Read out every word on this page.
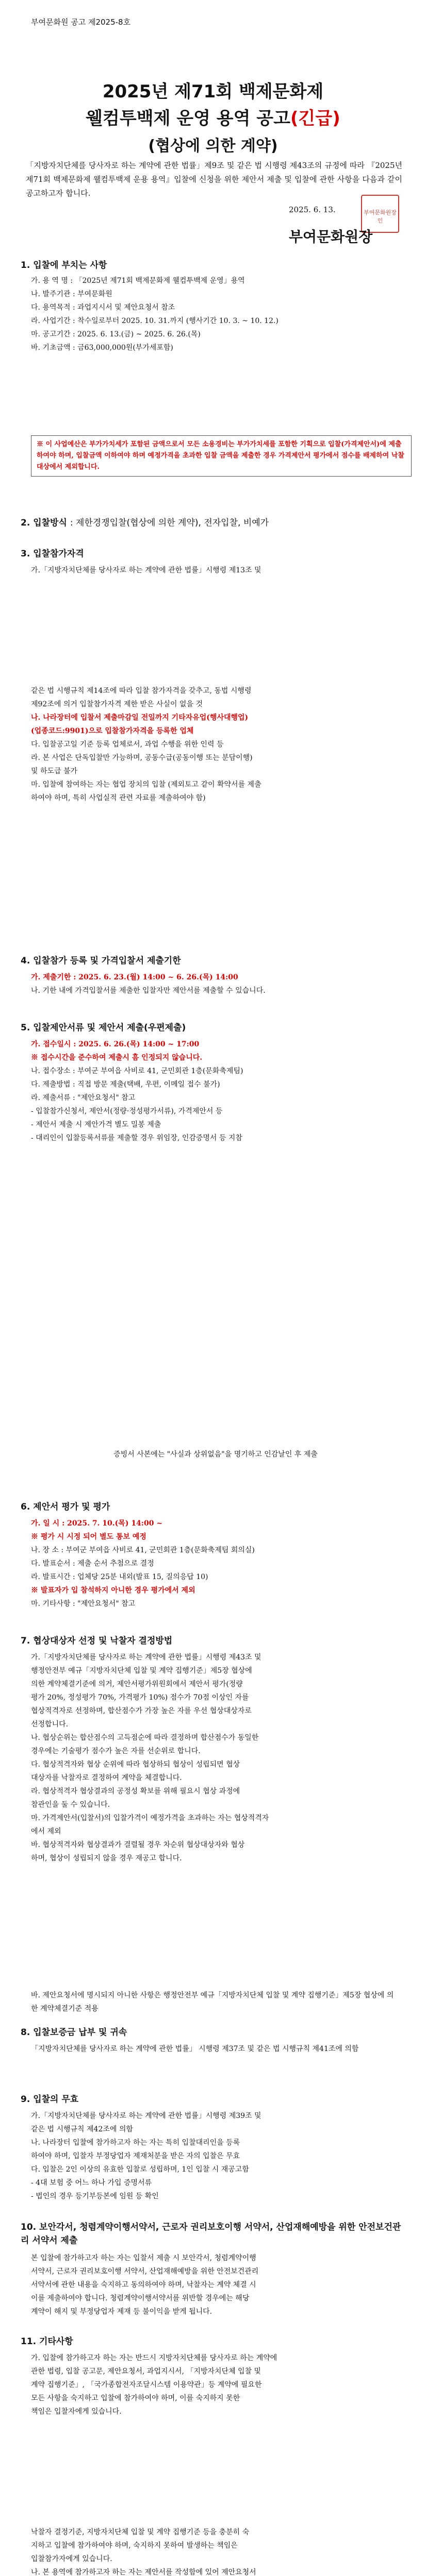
부여문화원 공고 제2025-8호
2025년 제71회 백제문화제
웰컴투백제 운영 용역 공고(긴급)
(협상에 의한 계약)
「지방자치단체를 당사자로 하는 계약에 관한 법률」제9조 및 같은 법 시행령 제43조의 규정에 따라 『2025년 제71회 백제문화제 웰컴투백제 운용 용역』입찰에 신청을 위한 제안서 제출 및 입찰에 관한 사항을 다음과 같이 공고하고자 합니다.
2025. 6. 13.	부여문화원장인
부여문화원장
1. 입찰에 부치는 사항
가. 용 역 명 : 「2025년 제71회 백제문화제 웰컴투백제 운영」용역
나. 발주기관 : 부여문화원
다. 용역목적 : 과업지시서 및 제안요청서 참조
라. 사업기간 : 착수일로부터 2025. 10. 31.까지 (행사기간 10. 3. ~ 10. 12.)
마. 공고기간 : 2025. 6. 13.(금) ~ 2025. 6. 26.(목)
바. 기초금액 : 금63,000,000원(부가세포함)
※ 이 사업예산은 부가가치세가 포함된 금액으로서 모든 소용경비는 부가가치세를 포함한 기획으로 입찰(가격제안서)에 제출하여야 하며, 입찰금액 이하여야 하며 예정가격을 초과한 입찰 금액을 제출한 경우 가격제안서 평가에서 점수를 배제하여 낙찰 대상에서 제외합니다.
2. 입찰방식 : 제한경쟁입찰(협상에 의한 계약), 전자입찰, 비예가
3. 입찰참가자격
가.「지방자치단체를 당사자로 하는 계약에 관한 법률」시행령 제13조 및
같은 법 시행규칙 제14조에 따라 입찰 참가자격을 갖추고, 동법 시행령
제92조에 의거 입찰참가자격 제한 받은 사실이 없을 것
나. 나라장터에 입찰서 제출마감일 전일까지 기타자유업(행사대행업)
(업종코드:9901)으로 입찰참가자격을 등록한 업체
다. 입찰공고일 기준 등록 업체로서, 과업 수행을 위한 인력 등
라. 본 사업은 단독입찰만 가능하며, 공동수급(공동이행 또는 분담이행)
및 하도급 불가
마. 입찰에 참여하는 자는 협업 장치의 입찰 (제외토고 같이 확약서를 제출
하여야 하며, 특히 사업실적 관련 자료를 제출하여야 함)
4. 입찰참가 등록 및 가격입찰서 제출기한
가. 제출기한 : 2025. 6. 23.(월) 14:00 ~ 6. 26.(목) 14:00
나. 기한 내에 가격입찰서를 제출한 입찰자만 제안서를 제출할 수 있습니다.
5. 입찰제안서류 및 제안서 제출(우편제출)
가. 접수일시 : 2025. 6. 26.(목) 14:00 ~ 17:00
※ 접수시간을 준수하여 제출시 흠 인정되지 않습니다.
나. 접수장소 : 부여군 부여읍 사비로 41, 군민회관 1층(문화축제팀)
다. 제출방법 : 직접 방문 제출(택배, 우편, 이메일 접수 불가)
라. 제출서류 : "제안요청서" 참고
- 입찰참가신청서, 제안서(정량·정성평가서류), 가격제안서 등
- 제안서 제출 시 제안가격 별도 밀봉 제출
- 대리인이 입찰등록서류를 제출할 경우 위임장, 인감증명서 등 지참
증빙서 사본에는 "사실과 상위없음"을 명기하고 인감날인 후 제출
6. 제안서 평가 및 평가
가. 일 시 : 2025. 7. 10.(목) 14:00 ~
※ 평가 시 시정 되어 별도 통보 예정
나. 장 소 : 부여군 부여읍 사비로 41, 군민회관 1층(문화축제팀 회의실)
다. 발표순서 : 제출 순서 추첨으로 결정
라. 발표시간 : 업체당 25분 내외(발표 15, 질의응답 10)
※ 발표자가 입 참석하지 아니한 경우 평가에서 제외
마. 기타사항 : "제안요청서" 참고
7. 협상대상자 선정 및 낙찰자 결정방법
가.「지방자치단체를 당사자로 하는 계약에 관한 법률」시행령 제43조 및
행정안전부 예규「지방자치단체 입찰 및 계약 집행기준」제5장 협상에
의한 계약체결기준에 의거, 제안서평가위원회에서 제안서 평가(정량
평가 20%, 정성평가 70%, 가격평가 10%) 점수가 70점 이상인 자를
협상적격자로 선정하며, 합산점수가 가장 높은 자를 우선 협상대상자로
선정합니다.
나. 협상순위는 합산점수의 고득점순에 따라 결정하며 합산점수가 동일한
경우에는 기술평가 점수가 높은 자를 선순위로 합니다.
다. 협상적격자와 협상 순위에 따라 협상하되 협상이 성립되면 협상
대상자를 낙찰자로 결정하여 계약을 체결합니다.
라. 협상적격자 협상결과의 공정성 확보를 위해 필요시 협상 과정에
참관인을 둘 수 있습니다.
마. 가격제안서(입찰서)의 입찰가격이 예정가격을 초과하는 자는 협상적격자
에서 제외
바. 협상적격자와 협상결과가 결렬될 경우 차순위 협상대상자와 협상
하며, 협상이 성립되지 않을 경우 재공고 합니다.
바. 제안요청서에 명시되지 아니한 사항은 행정안전부 예규「지방자치단체 입찰 및 계약 집행기준」제5장 협상에 의한 계약체결기준 적용
8. 입찰보증금 납부 및 귀속
「지방자치단체를 당사자로 하는 계약에 관한 법률」 시행령 제37조 및 같은 법 시행규칙 제41조에 의함
9. 입찰의 무효
가.「지방자치단체를 당사자로 하는 계약에 관한 법률」시행령 제39조 및
같은 법 시행규칙 제42조에 의함
나. 나라장터 입찰에 참가하고자 하는 자는 특히 입찰대리인을 등록
하여야 하며, 입찰자 부정당업자 제재처분을 받은 자의 입찰은 무효
다. 입찰은 2인 이상의 유효한 입찰로 성립하며, 1인 입찰 시 재공고함
- 4대 보험 중 어느 하나 가입 증명서류
- 법인의 경우 등기부등본에 임원 등 확인
10. 보안각서, 청렴계약이행서약서, 근로자 권리보호이행 서약서, 산업재해예방을 위한 안전보건관리 서약서 제출
본 입찰에 참가하고자 하는 자는 입찰서 제출 시 보안각서, 청렴계약이행
서약서, 근로자 권리보호이행 서약서, 산업재해예방을 위한 안전보건관리
서약서에 관한 내용을 숙지하고 동의하여야 하며, 낙찰자는 계약 체결 시
이를 제출하여야 합니다. 청렴계약이행서약서를 위반할 경우에는 해당
계약이 해지 및 부정당업자 제재 등 불이익을 받게 됩니다.
11. 기타사항
가. 입찰에 참가하고자 하는 자는 반드시 지방자치단체를 당사자로 하는 계약에
관한 법령, 입찰 공고문, 제안요청서, 과업지시서, 「지방자치단체 입찰 및
계약 집행기준」, 「국가종합전자조달시스템 이용약관」등 계약에 필요한
모든 사항을 숙지하고 입찰에 참가하여야 하며, 이를 숙지하지 못한
책임은 입찰자에게 있습니다.
낙찰자 결정기준, 지방자치단체 입찰 및 계약 집행기준 등을 충분히 숙
지하고 입찰에 참가하여야 하며, 숙지하지 못하여 발생하는 책임은
입찰참가자에게 있습니다.
나. 본 용역에 참가하고자 하는 자는 제안서를 작성함에 있어 제안요청서
